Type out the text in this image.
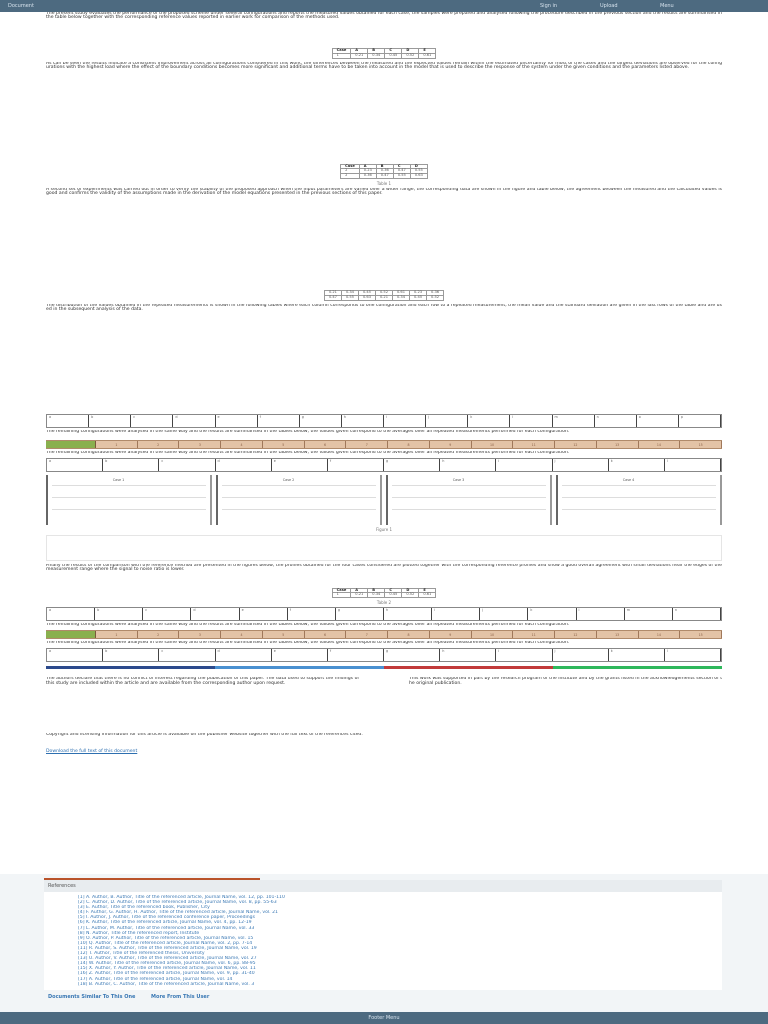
Document	Sign in	Upload	Menu

The present study evaluates the performance of the proposed scheme under several configurations and reports the measured values obtained for each case, the samples were prepared and analysed following the procedure described in the previous section and the results are summarised in the table below together with the corresponding reference values reported in earlier work for comparison of the methods used.

Case	A	B	C	D	E
1	0.21	0.34	0.45	0.52	0.61

As can be seen the results indicate a consistent improvement across all configurations considered in this work, the differences between the measured and the expected values remain within the estimated uncertainty for most of the cases and the largest deviations are observed for the configurations with the highest load where the effect of the boundary conditions becomes more significant and additional terms have to be taken into account in the model that is used to describe the response of the system under the given conditions and the parameters listed above.

Case	A	B	C	D
2	0.23	0.36	0.47	0.55
2	0.36	0.47	0.55	0.63
Table 1

A second set of experiments was carried out in order to verify the stability of the proposed approach when the input parameters are varied over a wider range, the corresponding data are shown in the figure and table below, the agreement between the measured and the calculated values is good and confirms the validity of the assumptions made in the derivation of the model equations presented in the previous sections of this paper.

0.21	0.34	0.45	0.52	0.61	0.23	0.36
0.47	0.55	0.63	0.21	0.34	0.45	0.52

The distribution of the values obtained in the repeated measurements is shown in the following tables where each column corresponds to one configuration and each row to a repeated measurement, the mean value and the standard deviation are given in the last rows of the table and are used in the subsequent analysis of the data.

a	b	c	d	e	f	g	h	i	j	k	l	m	n	o	p

The remaining configurations were analysed in the same way and the results are summarised in the tables below, the values given correspond to the averages over all repeated measurements performed for each configuration.

1	2	3	4	5	6	7	8	9	10	11	12	13	14	15

The remaining configurations were analysed in the same way and the results are summarised in the tables below, the values given correspond to the averages over all repeated measurements performed for each configuration.

a	b	c	d	e	f	g	h	i	j	k	l
Case 1	Case 2	Case 3	Case 4
Figure 1

Finally the results of the comparison with the reference method are presented in the figures below, the profiles obtained for the four cases considered are plotted together with the corresponding reference profiles and show a good overall agreement with small deviations near the edges of the measurement range where the signal to noise ratio is lower.

Case	A	B	C	D	E
1	0.21	0.34	0.45	0.52	0.61
Table 2
a	b	c	d	e	f	g	h	i	j	k	l	m	n

The remaining configurations were analysed in the same way and the results are summarised in the tables below, the values given correspond to the averages over all repeated measurements performed for each configuration.

1	2	3	4	5	6	7	8	9	10	11	12	13	14	15

The remaining configurations were analysed in the same way and the results are summarised in the tables below, the values given correspond to the averages over all repeated measurements performed for each configuration.

a	b	c	d	e	f	g	h	i	j	k	l

The authors declare that there is no conflict of interest regarding the publication of this paper. The data used to support the findings of this study are included within the article and are available from the corresponding author upon request.

This work was supported in part by the research program of the institute and by the grants listed in the acknowledgements section of the original publication.

Copyright and licensing information for this article is available on the publisher website together with the full text of the references cited.

Download the full text of this document
References
[1] A. Author, B. Author, Title of the referenced article, Journal Name, vol. 12, pp. 101-110
[2] C. Author, D. Author, Title of the referenced article, Journal Name, vol. 8, pp. 55-63
[3] E. Author, Title of the referenced book, Publisher, City
[4] F. Author, G. Author, H. Author, Title of the referenced article, Journal Name, vol. 21
[5] I. Author, J. Author, Title of the referenced conference paper, Proceedings
[6] K. Author, Title of the referenced article, Journal Name, vol. 4, pp. 12-19
[7] L. Author, M. Author, Title of the referenced article, Journal Name, vol. 33
[8] N. Author, Title of the referenced report, Institute
[9] O. Author, P. Author, Title of the referenced article, Journal Name, vol. 15
[10] Q. Author, Title of the referenced article, Journal Name, vol. 2, pp. 7-14
[11] R. Author, S. Author, Title of the referenced article, Journal Name, vol. 19
[12] T. Author, Title of the referenced thesis, University
[13] U. Author, V. Author, Title of the referenced article, Journal Name, vol. 27
[14] W. Author, Title of the referenced article, Journal Name, vol. 6, pp. 88-95
[15] X. Author, Y. Author, Title of the referenced article, Journal Name, vol. 11
[16] Z. Author, Title of the referenced article, Journal Name, vol. 9, pp. 31-40
[17] A. Author, Title of the referenced article, Journal Name, vol. 14
[18] B. Author, C. Author, Title of the referenced article, Journal Name, vol. 3
Documents Similar To This One	More From This User
Footer Menu
